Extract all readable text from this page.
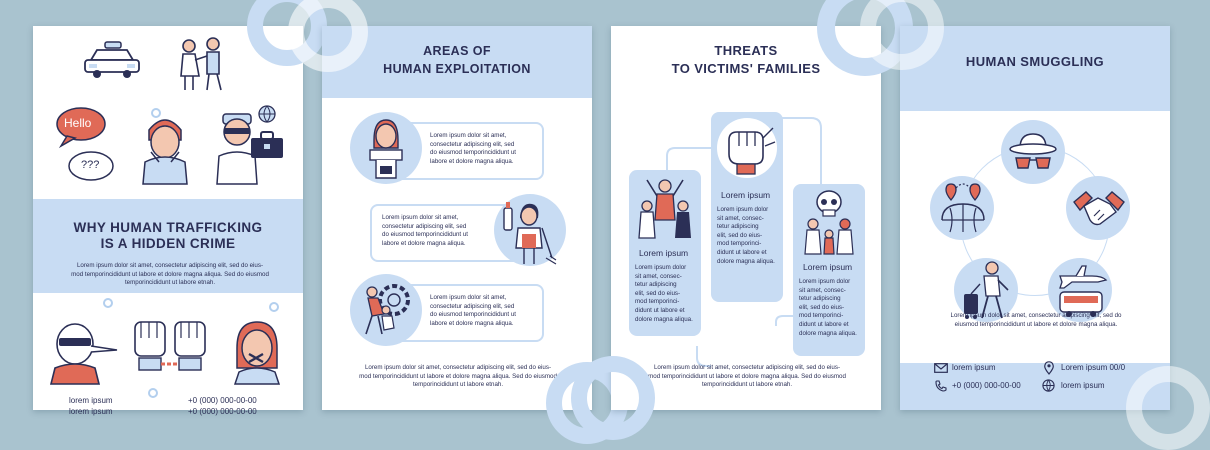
Hello
???
WHY HUMAN TRAFFICKING
IS A HIDDEN CRIME
Lorem ipsum dolor sit amet, consectetur adipiscing elit, sed do eius-
mod temporincididunt ut labore et dolore magna aliqua. Sed do eiusmod
temporincididunt ut labore etnah.
lorem ipsum
lorem ipsum
+0 (000) 000-00-00
+0 (000) 000-00-00
AREAS OF
HUMAN EXPLOITATION
Lorem ipsum dolor sit amet,
consectetur adipiscing elit, sed
do eiusmod temporincididunt ut
labore et dolore magna aliqua.
Lorem ipsum dolor sit amet,
consectetur adipiscing elit, sed
do eiusmod temporincididunt ut
labore et dolore magna aliqua.
Lorem ipsum dolor sit amet,
consectetur adipiscing elit, sed
do eiusmod temporincididunt ut
labore et dolore magna aliqua.
Lorem ipsum dolor sit amet, consectetur adipiscing elit, sed do eius-
mod temporincididunt ut labore et dolore magna aliqua. Sed do eiusmod
temporincididunt ut labore etnah.
THREATS
TO VICTIMS' FAMILIES
Lorem ipsum
Lorem ipsum dolor
sit amet, consec-
tetur adipiscing
elit, sed do eius-
mod temporinci-
didunt ut labore et
dolore magna aliqua.
Lorem ipsum
Lorem ipsum dolor
sit amet, consec-
tetur adipiscing
elit, sed do eius-
mod temporinci-
didunt ut labore et
dolore magna aliqua.
Lorem ipsum
Lorem ipsum dolor
sit amet, consec-
tetur adipiscing
elit, sed do eius-
mod temporinci-
didunt ut labore et
dolore magna aliqua.
Lorem ipsum dolor sit amet, consectetur adipiscing elit, sed do eius-
mod temporincididunt ut labore et dolore magna aliqua. Sed do eiusmod
temporincididunt ut labore etnah.
HUMAN SMUGGLING
Lorem ipsum dolor sit amet, consectetur adipiscing elit, sed do
eiusmod temporincididunt ut labore et dolore magna aliqua.
lorem ipsum
+0 (000) 000-00-00
Lorem ipsum 00/0
lorem ipsum
